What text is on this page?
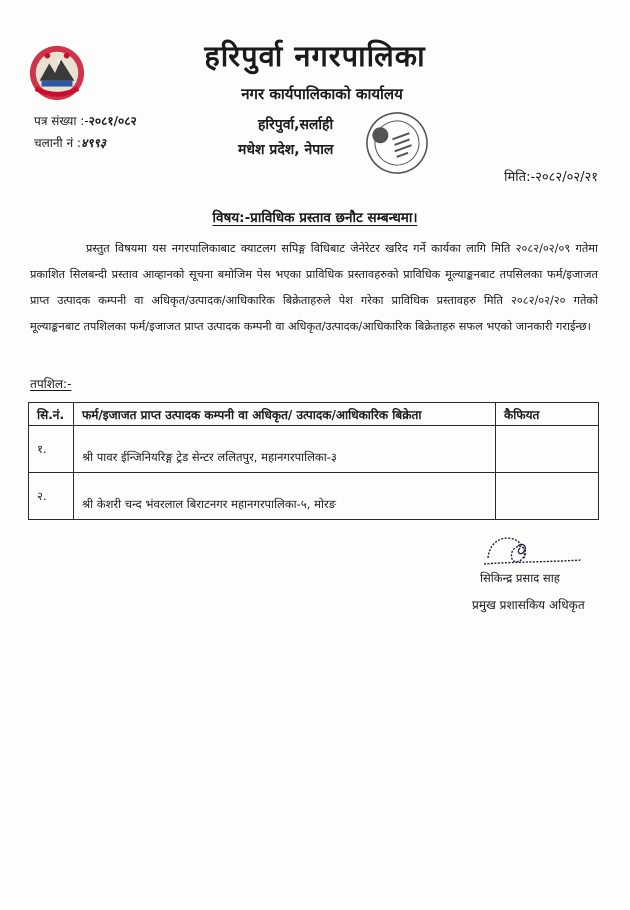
हरिपुर्वा नगरपालिका
नगर कार्यपालिकाको कार्यालय
हरिपुर्वा,सर्लाही
मधेश प्रदेश, नेपाल
पत्र संख्या :-२०८१/०८२
चलानी नं :४९९३
मिति:-२०८२/०२/२१
विषय:-प्राविधिक प्रस्ताव छनौट सम्बन्धमा।
प्रस्तुत विषयमा यस नगरपालिकाबाट क्याटलग सपिङ्ग विधिबाट जेनेरेटर खरिद गर्ने कार्यका लागि मिति २०८२/०२/०९ गतेमा प्रकाशित सिलबन्दी प्रस्ताव आव्हानको सूचना बमोजिम पेस भएका प्राविधिक प्रस्तावहरुको प्राविधिक मूल्याङ्कनबाट तपसिलका फर्म/इजाजत प्राप्त उत्पादक कम्पनी वा अधिकृत/उत्पादक/आधिकारिक बिक्रेताहरुले पेश गरेका प्राविधिक प्रस्तावहरु मिति २०८२/०२/२० गतेको मूल्याङ्कनबाट तपशिलका फर्म/इजाजत प्राप्त उत्पादक कम्पनी वा अधिकृत/उत्पादक/आधिकारिक बिक्रेताहरु सफल भएको जानकारी गराईन्छ।
तपशिल:-
सि.नं.	फर्म/इजाजत प्राप्त उत्पादक कम्पनी वा अधिकृत/ उत्पादक/आधिकारिक बिक्रेता	कैफियत
१.	श्री पावर ईन्जिनियरिङ्ग ट्रेड सेन्टर ललितपुर, महानगरपालिका-३	
२.	श्री केशरी चन्द भंवरलाल बिराटनगर महानगरपालिका-५, मोरङ	
सिकिन्द्र प्रसाद साह
प्रमुख प्रशासकिय अधिकृत
